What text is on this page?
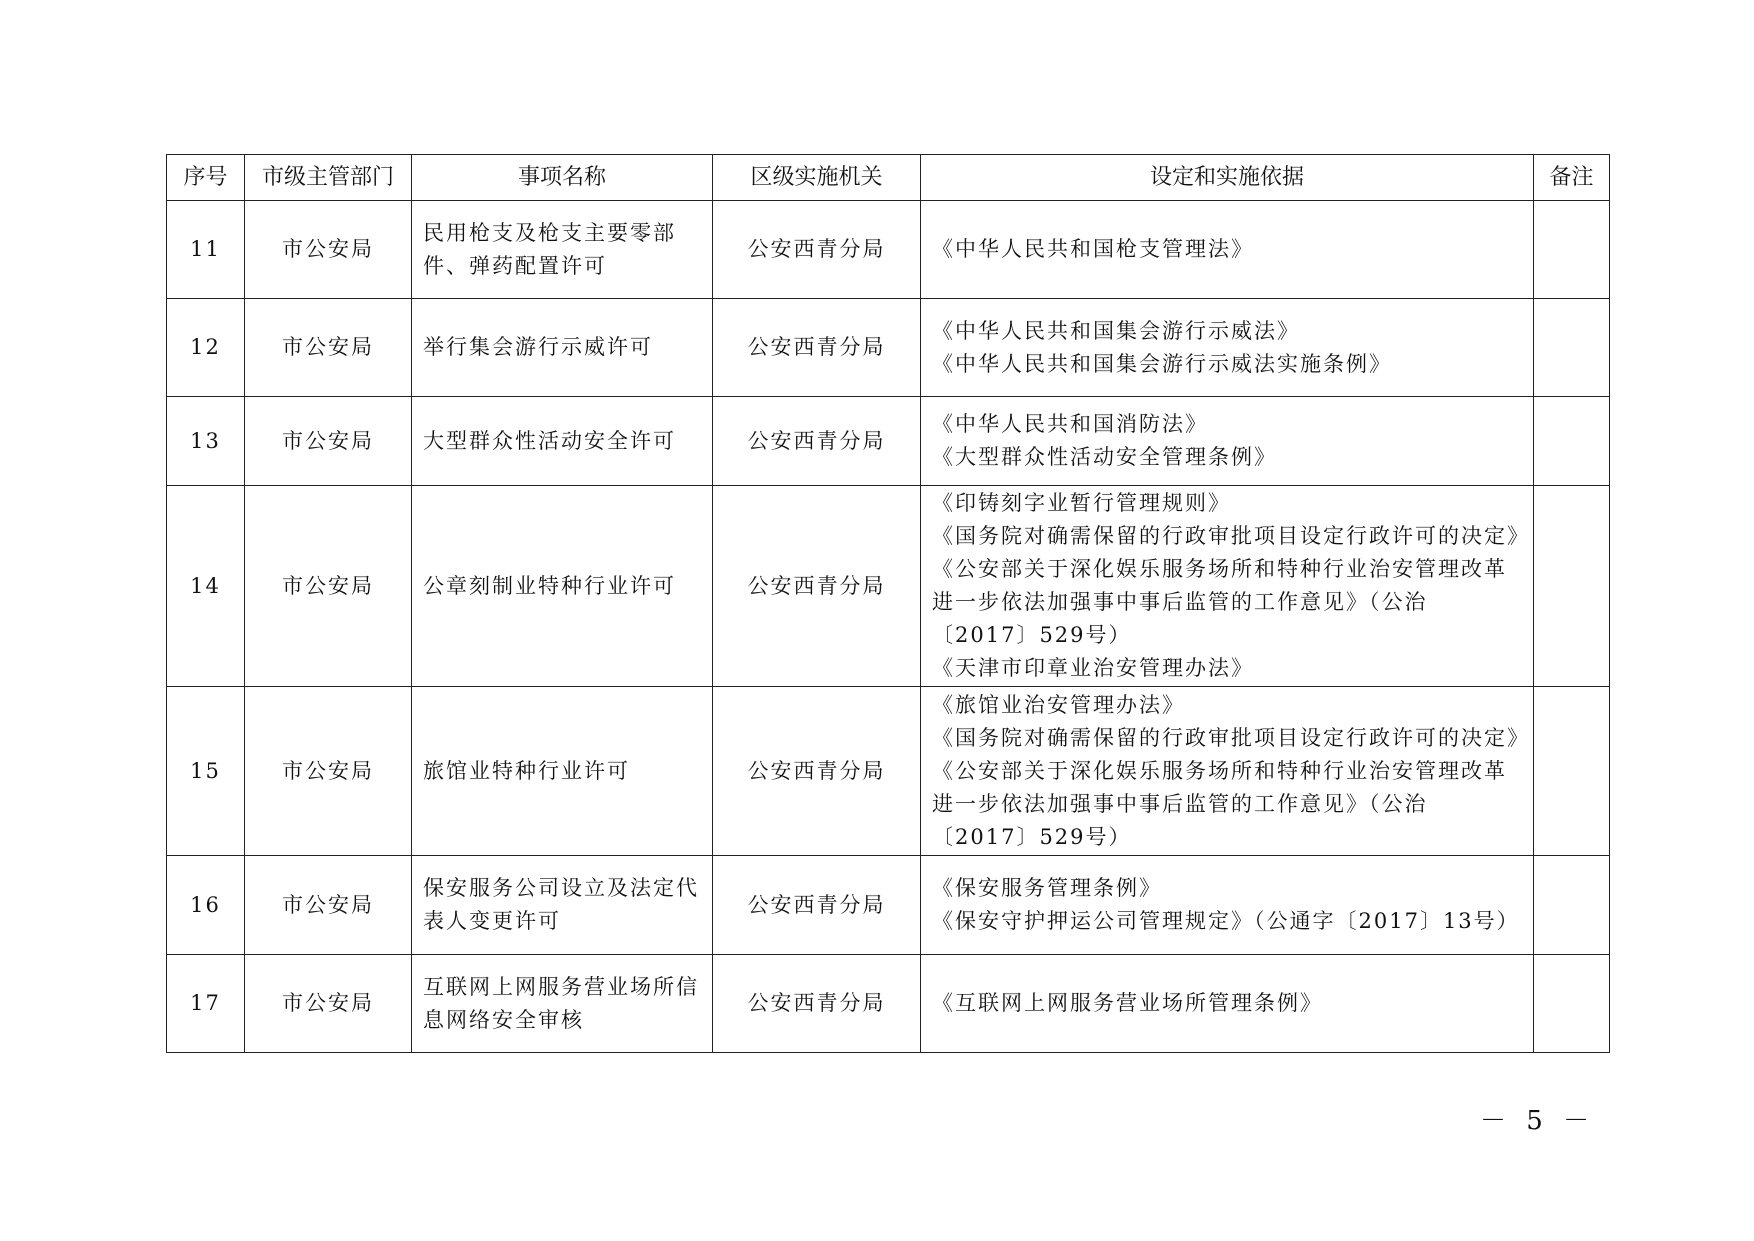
序号	市级主管部门	事项名称	区级实施机关	设定和实施依据	备注
11	市公安局	民用枪支及枪支主要零部件、弹药配置许可	公安西青分局	《中华人民共和国枪支管理法》	

12	市公安局	举行集会游行示威许可	公安西青分局	《中华人民共和国集会游行示威法》
《中华人民共和国集会游行示威法实施条例》	

13	市公安局	大型群众性活动安全许可	公安西青分局	《中华人民共和国消防法》
《大型群众性活动安全管理条例》	

14	市公安局	公章刻制业特种行业许可	公安西青分局	《印铸刻字业暂行管理规则》
《国务院对确需保留的行政审批项目设定行政许可的决定》
《公安部关于深化娱乐服务场所和特种行业治安管理改革进一步依法加强事中事后监管的工作意见》（公治〔2017〕529号）
《天津市印章业治安管理办法》	

15	市公安局	旅馆业特种行业许可	公安西青分局	《旅馆业治安管理办法》
《国务院对确需保留的行政审批项目设定行政许可的决定》
《公安部关于深化娱乐服务场所和特种行业治安管理改革进一步依法加强事中事后监管的工作意见》（公治〔2017〕529号）	

16	市公安局	保安服务公司设立及法定代表人变更许可	公安西青分局	《保安服务管理条例》
《保安守护押运公司管理规定》（公通字〔2017〕13号）	

17	市公安局	互联网上网服务营业场所信息网络安全审核	公安西青分局	《互联网上网服务营业场所管理条例》	

－ 5 －
